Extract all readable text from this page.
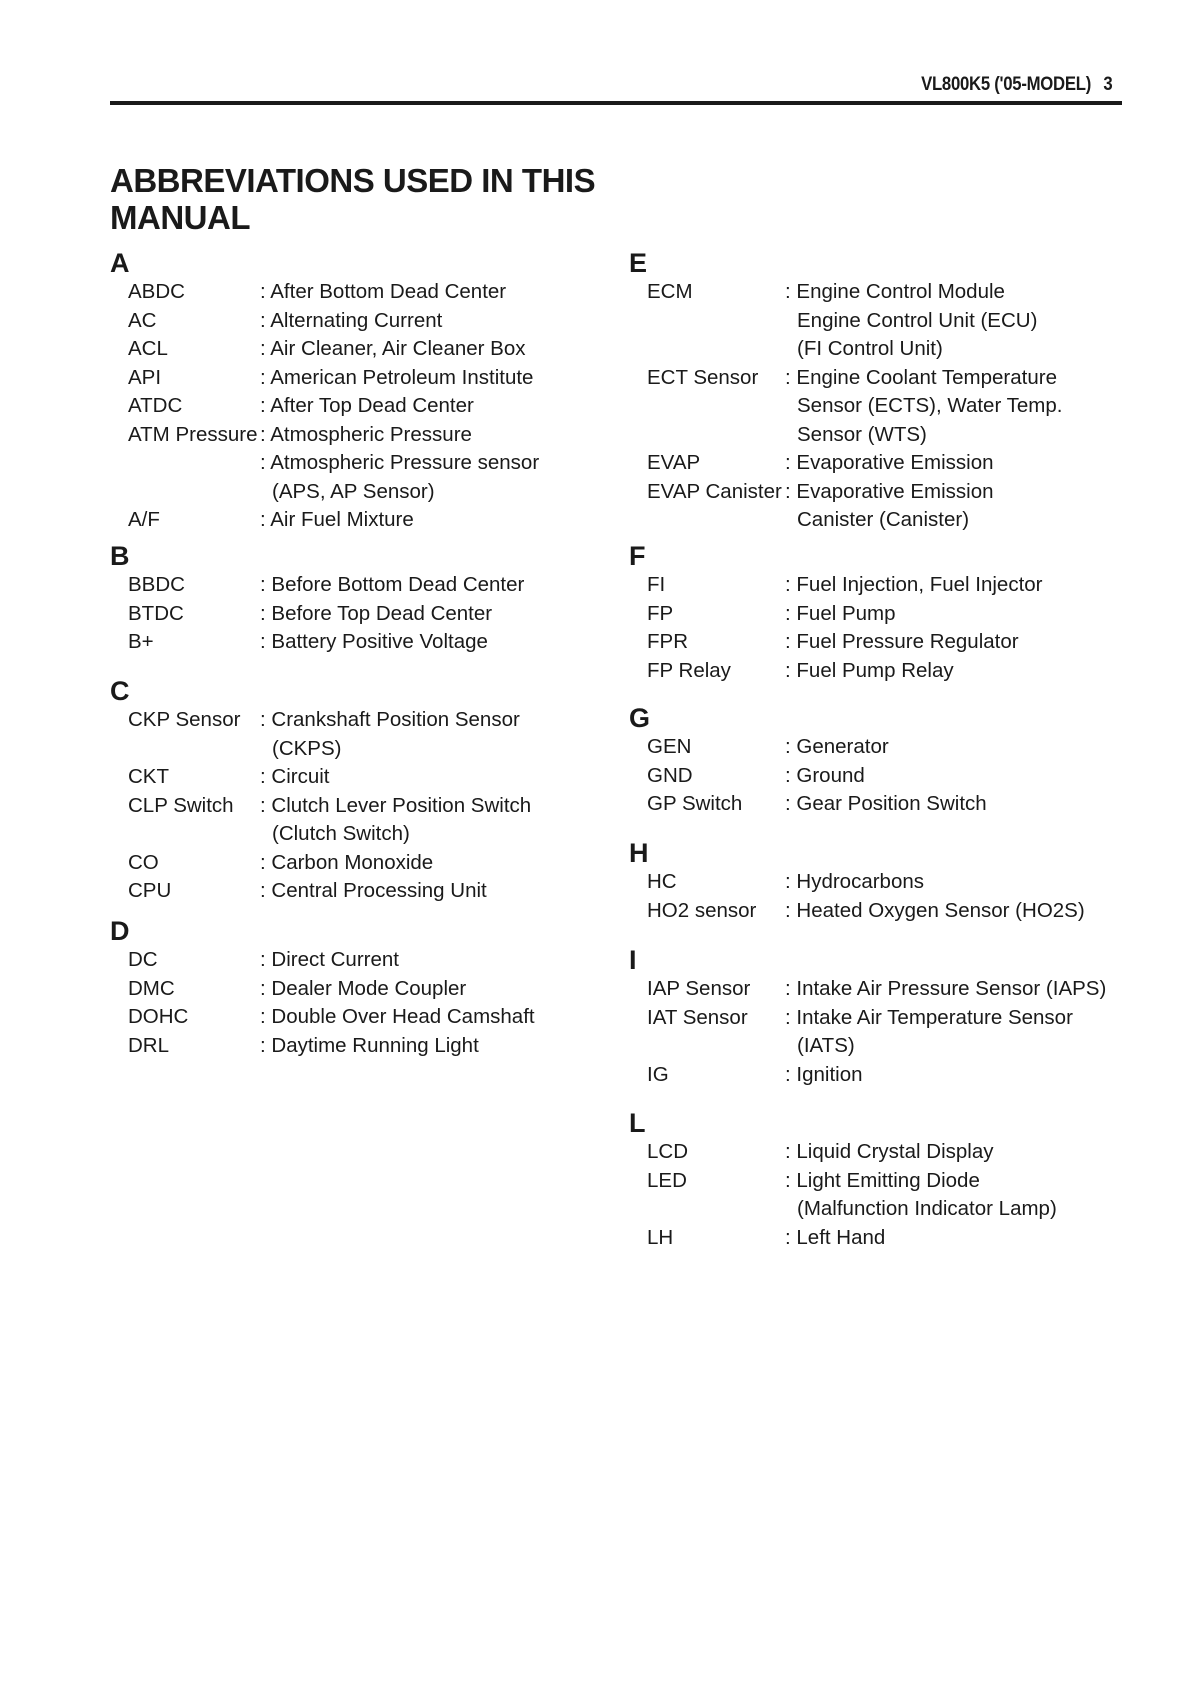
VL800K5 ('05-MODEL) 3
ABBREVIATIONS USED IN THIS MANUAL
A
ABDC	: After Bottom Dead Center
AC	: Alternating Current
ACL	: Air Cleaner, Air Cleaner Box
API	: American Petroleum Institute
ATDC	: After Top Dead Center
ATM Pressure : Atmospheric Pressure
: Atmospheric Pressure sensor
(APS, AP Sensor)
A/F	: Air Fuel Mixture
B
BBDC	: Before Bottom Dead Center
BTDC	: Before Top Dead Center
B+	: Battery Positive Voltage
C
CKP Sensor : Crankshaft Position Sensor
(CKPS)
CKT	: Circuit
CLP Switch : Clutch Lever Position Switch
(Clutch Switch)
CO	: Carbon Monoxide
CPU	: Central Processing Unit
D
DC	: Direct Current
DMC	: Dealer Mode Coupler
DOHC	: Double Over Head Camshaft
DRL	: Daytime Running Light
E
ECM	: Engine Control Module
Engine Control Unit (ECU)
(FI Control Unit)
ECT Sensor : Engine Coolant Temperature
Sensor (ECTS), Water Temp.
Sensor (WTS)
EVAP	: Evaporative Emission
EVAP Canister : Evaporative Emission
Canister (Canister)
F
FI	: Fuel Injection, Fuel Injector
FP	: Fuel Pump
FPR	: Fuel Pressure Regulator
FP Relay	: Fuel Pump Relay
G
GEN	: Generator
GND	: Ground
GP Switch : Gear Position Switch
H
HC	: Hydrocarbons
HO2 sensor : Heated Oxygen Sensor (HO2S)
I
IAP Sensor : Intake Air Pressure Sensor (IAPS)
IAT Sensor : Intake Air Temperature Sensor
(IATS)
IG	: Ignition
L
LCD	: Liquid Crystal Display
LED	: Light Emitting Diode
(Malfunction Indicator Lamp)
LH	: Left Hand
